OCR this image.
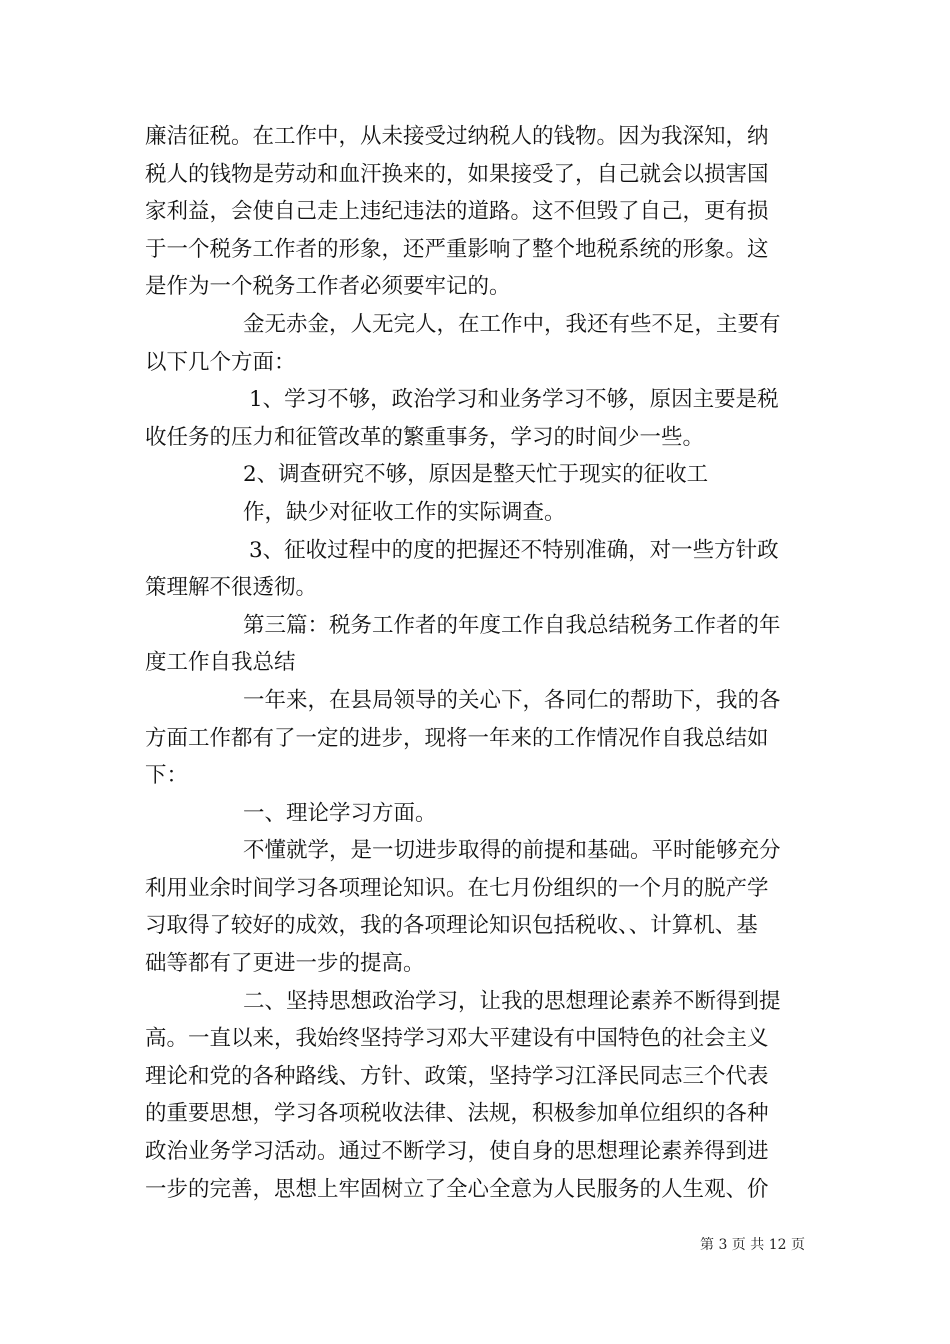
廉洁征税。在工作中，从未接受过纳税人的钱物。因为我深知，纳
税人的钱物是劳动和血汗换来的，如果接受了，自己就会以损害国
家利益，会使自己走上违纪违法的道路。这不但毁了自己，更有损
于一个税务工作者的形象，还严重影响了整个地税系统的形象。这
是作为一个税务工作者必须要牢记的。
金无赤金，人无完人，在工作中，我还有些不足，主要有
以下几个方面：
1、学习不够，政治学习和业务学习不够，原因主要是税
收任务的压力和征管改革的繁重事务，学习的时间少一些。
2、调查研究不够，原因是整天忙于现实的征收工
作，缺少对征收工作的实际调查。
3、征收过程中的度的把握还不特别准确，对一些方针政
策理解不很透彻。
第三篇：税务工作者的年度工作自我总结税务工作者的年
度工作自我总结
一年来，在县局领导的关心下，各同仁的帮助下，我的各
方面工作都有了一定的进步，现将一年来的工作情况作自我总结如
下：
一、理论学习方面。
不懂就学，是一切进步取得的前提和基础。平时能够充分
利用业余时间学习各项理论知识。在七月份组织的一个月的脱产学
习取得了较好的成效，我的各项理论知识包括税收、、计算机、基
础等都有了更进一步的提高。
二、坚持思想政治学习，让我的思想理论素养不断得到提
高。一直以来，我始终坚持学习邓大平建设有中国特色的社会主义
理论和党的各种路线、方针、政策，坚持学习江泽民同志三个代表
的重要思想，学习各项税收法律、法规，积极参加单位组织的各种
政治业务学习活动。通过不断学习，使自身的思想理论素养得到进
一步的完善，思想上牢固树立了全心全意为人民服务的人生观、价
第 3 页 共 12 页
